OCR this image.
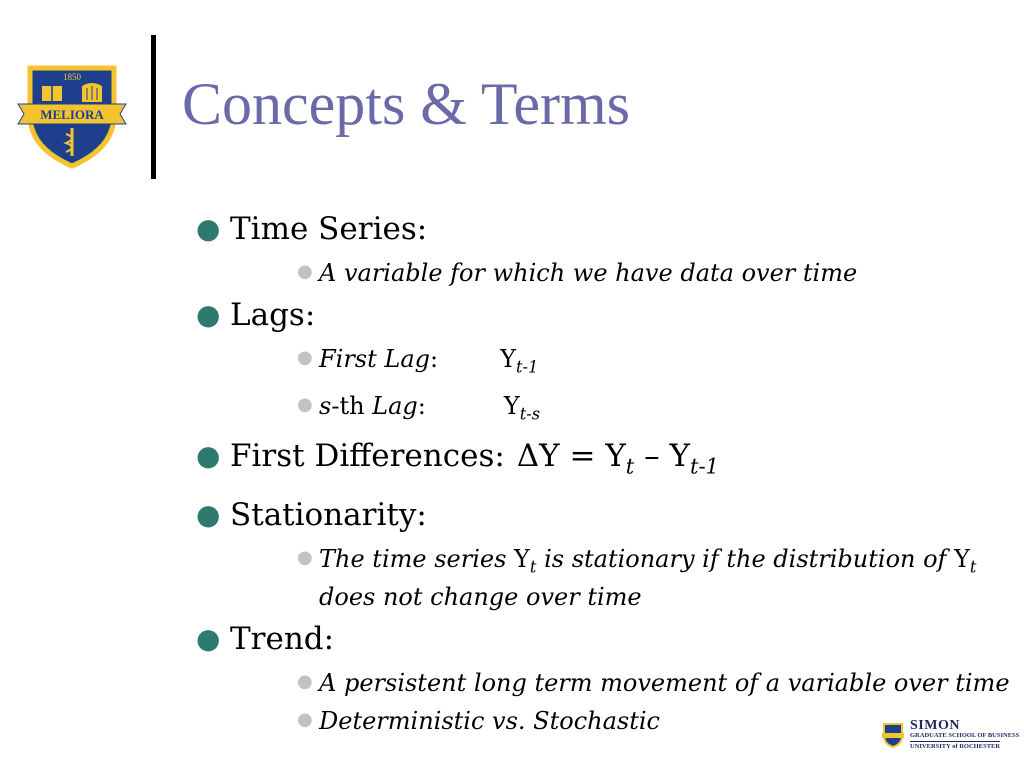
1850
MELIORA Concepts & Terms
● Time Series:
● A variable for which we have data over time
● Lags:
● First Lag:	$Y_{t-1}$
● s-th Lag:	$Y_{t-s}$
● First Differences: $\Delta Y = Y_t - Y_{t-1}$
● Stationarity:
● The time series $Y_t$ is stationary if the distribution of $Y_t$ does not change over time
● Trend:
● A persistent long term movement of a variable over time
● Deterministic vs. Stochastic	SIMON
GRADUATE SCHOOL OF BUSINESS
UNIVERSITY of ROCHESTER
